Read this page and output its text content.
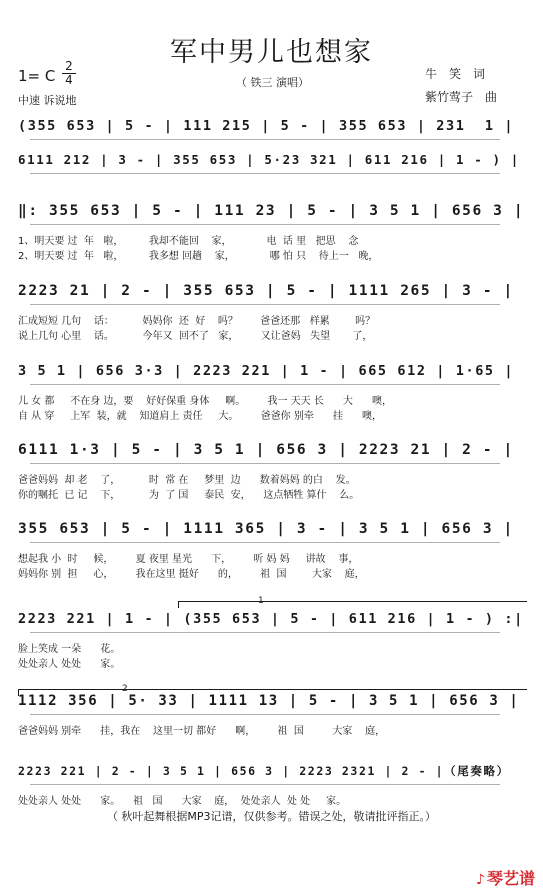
军中男儿也想家
1= C
2
4
中速 诉说地
（ 铁三 演唱）
牛　笑　词
紫竹莺子　曲
(355 653 | 5 - | 111 215 | 5 - | 355 653 | 231  1 |
6111 212 | 3 - | 355 653 | 5·23 321 | 611 216 | 1 - ) |
‖: 355 653 | 5 - | 111 23 | 5 - | 3 5 1 | 656 3 |
1、明天要 过  年   啦，        我却不能回    家，           电  话 里   把思    念
2、明天要 过  年   啦，        我多想 回趟    家，           哪 怕 只    待上一   晚，
2223 21 | 2 - | 355 653 | 5 - | 1111 265 | 3 - |
汇成短短 几句    话：         妈妈你  还  好    吗？       爸爸还那   样累        吗？
说上几句 心里    话。         今年又  回不了   家，       又让爸妈   失望       了，
3 5 1 | 656 3·3 | 2223 221 | 1 - | 665 612 | 1·65 |
儿 女 都     不在身 边，要    好好保重 身体     啊。       我一 天天 长      大      噢，
自 从 穿     上军  装，就    知道肩上 责任     大。       爸爸你 别牵      挂      噢，
6111 1·3 | 5 - | 3 5 1 | 656 3 | 2223 21 | 2 - |
爸爸妈妈  却 老    了，         时  常 在     梦里  边      数着妈妈 的白    发。
你的嘱托  已 记    下，         为  了 国     泰民  安，    这点牺牲 算什    么。
355 653 | 5 - | 1111 365 | 3 - | 3 5 1 | 656 3 |
想起我 小  时     候，       夏 夜里 星光      下，       听 妈 妈     讲故    事，
妈妈你 别  担     心，       我在这里 挺好      的，       祖  国        大家    庭，
2223 221 | 1 - | (355 653 | 5 - | 611 216 | 1 - ) :|
脸上笑成 一朵      花。
处处亲人 处处      家。
1112 356 | 5· 33 | 1111 13 | 5 - | 3 5 1 | 656 3 |
爸爸妈妈 别牵      挂，我在    这里一切 都好      啊，       祖  国         大家    庭，
2223 221 | 2 - | 3 5 1 | 656 3 | 2223 2321 | 2 - |（尾奏略）
处处亲人 处处      家。    祖   国      大家    庭，  处处亲人  处 处     家。
1
2
（ 秋叶起舞根据MP3记谱，仅供参考。错误之处，敬请批评指正。）
♪ 琴艺谱
